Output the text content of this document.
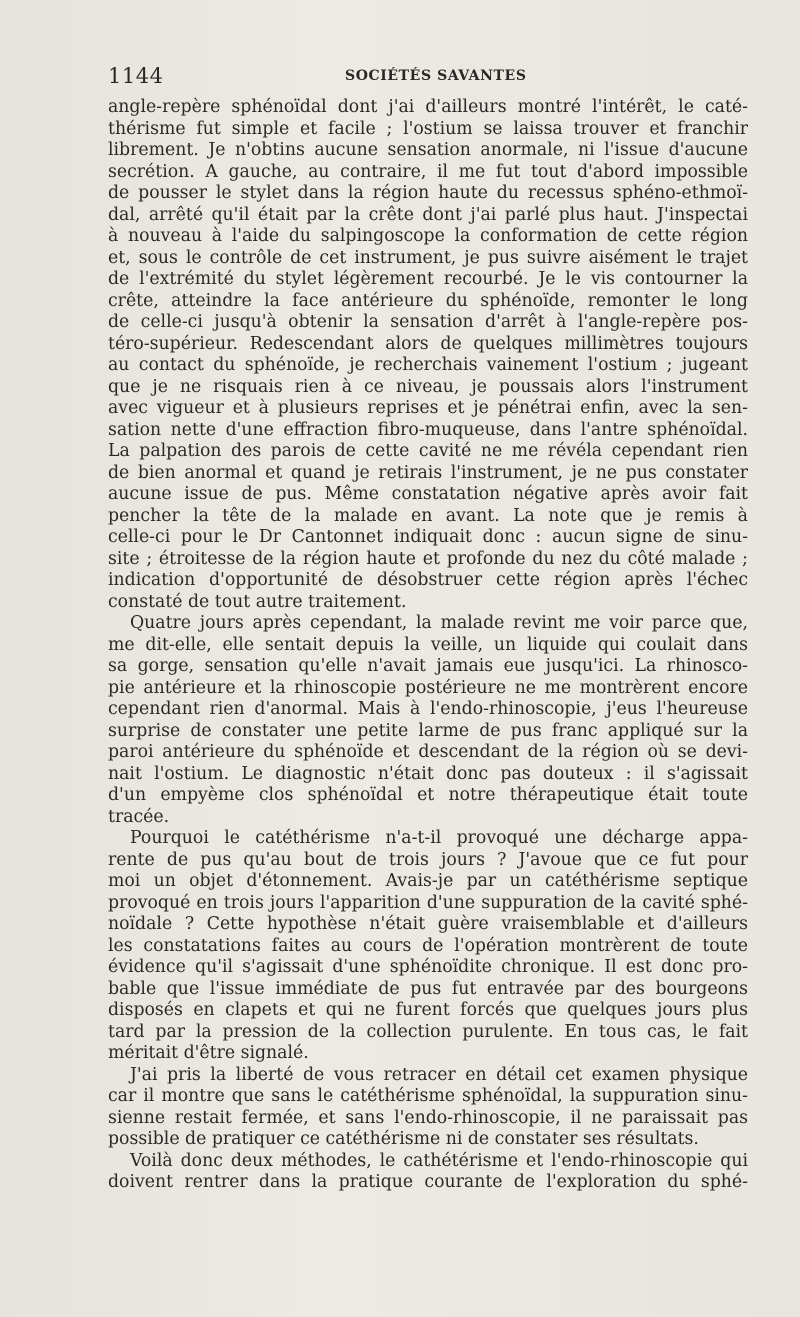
1144	SOCIÉTÉS SAVANTES
angle-repère sphénoïdal dont j'ai d'ailleurs montré l'intérêt, le caté-
thérisme fut simple et facile ; l'ostium se laissa trouver et franchir
librement. Je n'obtins aucune sensation anormale, ni l'issue d'aucune
secrétion. A gauche, au contraire, il me fut tout d'abord impossible
de pousser le stylet dans la région haute du recessus sphéno-ethmoï-
dal, arrêté qu'il était par la crête dont j'ai parlé plus haut. J'inspectai
à nouveau à l'aide du salpingoscope la conformation de cette région
et, sous le contrôle de cet instrument, je pus suivre aisément le trajet
de l'extrémité du stylet légèrement recourbé. Je le vis contourner la
crête, atteindre la face antérieure du sphénoïde, remonter le long
de celle-ci jusqu'à obtenir la sensation d'arrêt à l'angle-repère pos-
téro-supérieur. Redescendant alors de quelques millimètres toujours
au contact du sphénoïde, je recherchais vainement l'ostium ; jugeant
que je ne risquais rien à ce niveau, je poussais alors l'instrument
avec vigueur et à plusieurs reprises et je pénétrai enfin, avec la sen-
sation nette d'une effraction fibro-muqueuse, dans l'antre sphénoïdal.
La palpation des parois de cette cavité ne me révéla cependant rien
de bien anormal et quand je retirais l'instrument, je ne pus constater
aucune issue de pus. Même constatation négative après avoir fait
pencher la tête de la malade en avant. La note que je remis à
celle-ci pour le Dr Cantonnet indiquait donc : aucun signe de sinu-
site ; étroitesse de la région haute et profonde du nez du côté malade ;
indication d'opportunité de désobstruer cette région après l'échec
constaté de tout autre traitement.
Quatre jours après cependant, la malade revint me voir parce que,
me dit-elle, elle sentait depuis la veille, un liquide qui coulait dans
sa gorge, sensation qu'elle n'avait jamais eue jusqu'ici. La rhinosco-
pie antérieure et la rhinoscopie postérieure ne me montrèrent encore
cependant rien d'anormal. Mais à l'endo-rhinoscopie, j'eus l'heureuse
surprise de constater une petite larme de pus franc appliqué sur la
paroi antérieure du sphénoïde et descendant de la région où se devi-
nait l'ostium. Le diagnostic n'était donc pas douteux : il s'agissait
d'un empyème clos sphénoïdal et notre thérapeutique était toute
tracée.
Pourquoi le catéthérisme n'a-t-il provoqué une décharge appa-
rente de pus qu'au bout de trois jours ? J'avoue que ce fut pour
moi un objet d'étonnement. Avais-je par un catéthérisme septique
provoqué en trois jours l'apparition d'une suppuration de la cavité sphé-
noïdale ? Cette hypothèse n'était guère vraisemblable et d'ailleurs
les constatations faites au cours de l'opération montrèrent de toute
évidence qu'il s'agissait d'une sphénoïdite chronique. Il est donc pro-
bable que l'issue immédiate de pus fut entravée par des bourgeons
disposés en clapets et qui ne furent forcés que quelques jours plus
tard par la pression de la collection purulente. En tous cas, le fait
méritait d'être signalé.
J'ai pris la liberté de vous retracer en détail cet examen physique
car il montre que sans le catéthérisme sphénoïdal, la suppuration sinu-
sienne restait fermée, et sans l'endo-rhinoscopie, il ne paraissait pas
possible de pratiquer ce catéthérisme ni de constater ses résultats.
Voilà donc deux méthodes, le cathétérisme et l'endo-rhinoscopie qui
doivent rentrer dans la pratique courante de l'exploration du sphé-
